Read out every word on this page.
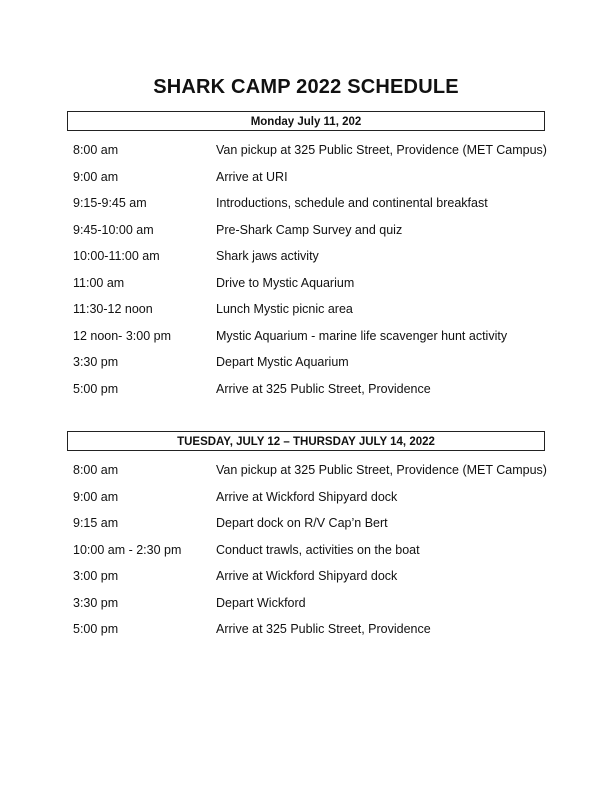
SHARK CAMP 2022 SCHEDULE
Monday July 11, 202
8:00 am	Van pickup at 325 Public Street, Providence (MET Campus)
9:00 am	Arrive at URI
9:15-9:45 am	Introductions, schedule and continental breakfast
9:45-10:00 am	Pre-Shark Camp Survey and quiz
10:00-11:00 am	Shark jaws activity
11:00 am	Drive to Mystic Aquarium
11:30-12 noon	Lunch Mystic picnic area
12 noon- 3:00 pm	Mystic Aquarium - marine life scavenger hunt activity
3:30 pm	Depart Mystic Aquarium
5:00 pm	Arrive at 325 Public Street, Providence
TUESDAY, JULY 12 – THURSDAY JULY 14, 2022
8:00 am	Van pickup at 325 Public Street, Providence (MET Campus)
9:00 am	Arrive at Wickford Shipyard dock
9:15 am	Depart dock on R/V Cap’n Bert
10:00 am - 2:30 pm	Conduct trawls, activities on the boat
3:00 pm	Arrive at Wickford Shipyard dock
3:30 pm	Depart Wickford
5:00 pm	Arrive at 325 Public Street, Providence
